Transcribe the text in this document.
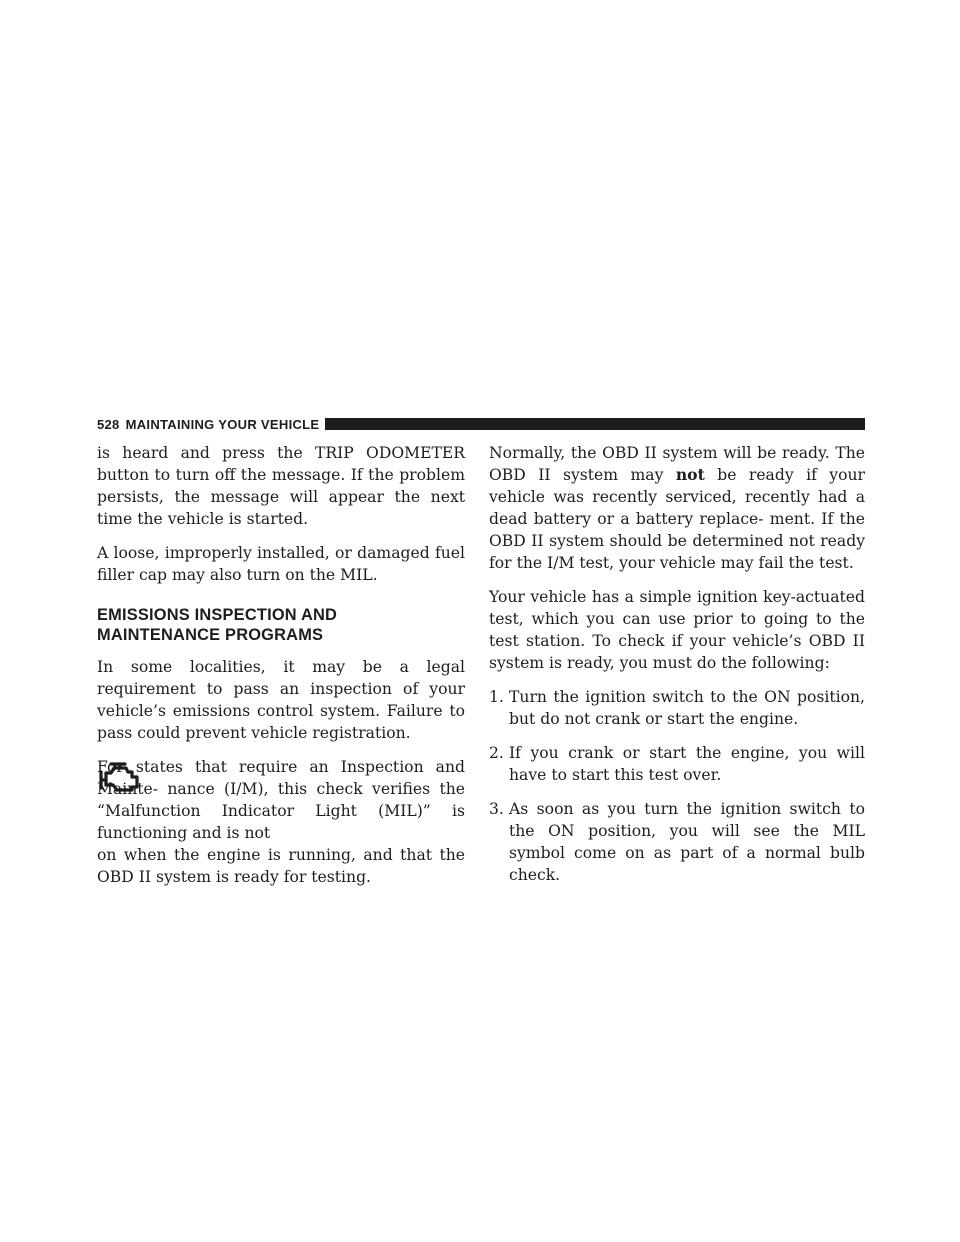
528 MAINTAINING YOUR VEHICLE

is heard and press the TRIP ODOMETER button to turn off the message. If the problem persists, the message will appear the next time the vehicle is started.

A loose, improperly installed, or damaged fuel filler cap may also turn on the MIL.

EMISSIONS INSPECTION AND MAINTENANCE PROGRAMS

In some localities, it may be a legal requirement to pass an inspection of your vehicle’s emissions control system. Failure to pass could prevent vehicle registration.

For states that require an Inspection and Mainte- nance (I/M), this check verifies the “Malfunction Indicator Light (MIL)” is functioning and is not

on when the engine is running, and that the OBD II system is ready for testing.

Normally, the OBD II system will be ready. The OBD II system may not be ready if your vehicle was recently serviced, recently had a dead battery or a battery replace- ment. If the OBD II system should be determined not ready for the I/M test, your vehicle may fail the test.

Your vehicle has a simple ignition key-actuated test, which you can use prior to going to the test station. To check if your vehicle’s OBD II system is ready, you must do the following:

1. Turn the ignition switch to the ON position, but do not crank or start the engine.
2. If you crank or start the engine, you will have to start this test over.
3. As soon as you turn the ignition switch to the ON position, you will see the MIL symbol come on as part of a normal bulb check.
